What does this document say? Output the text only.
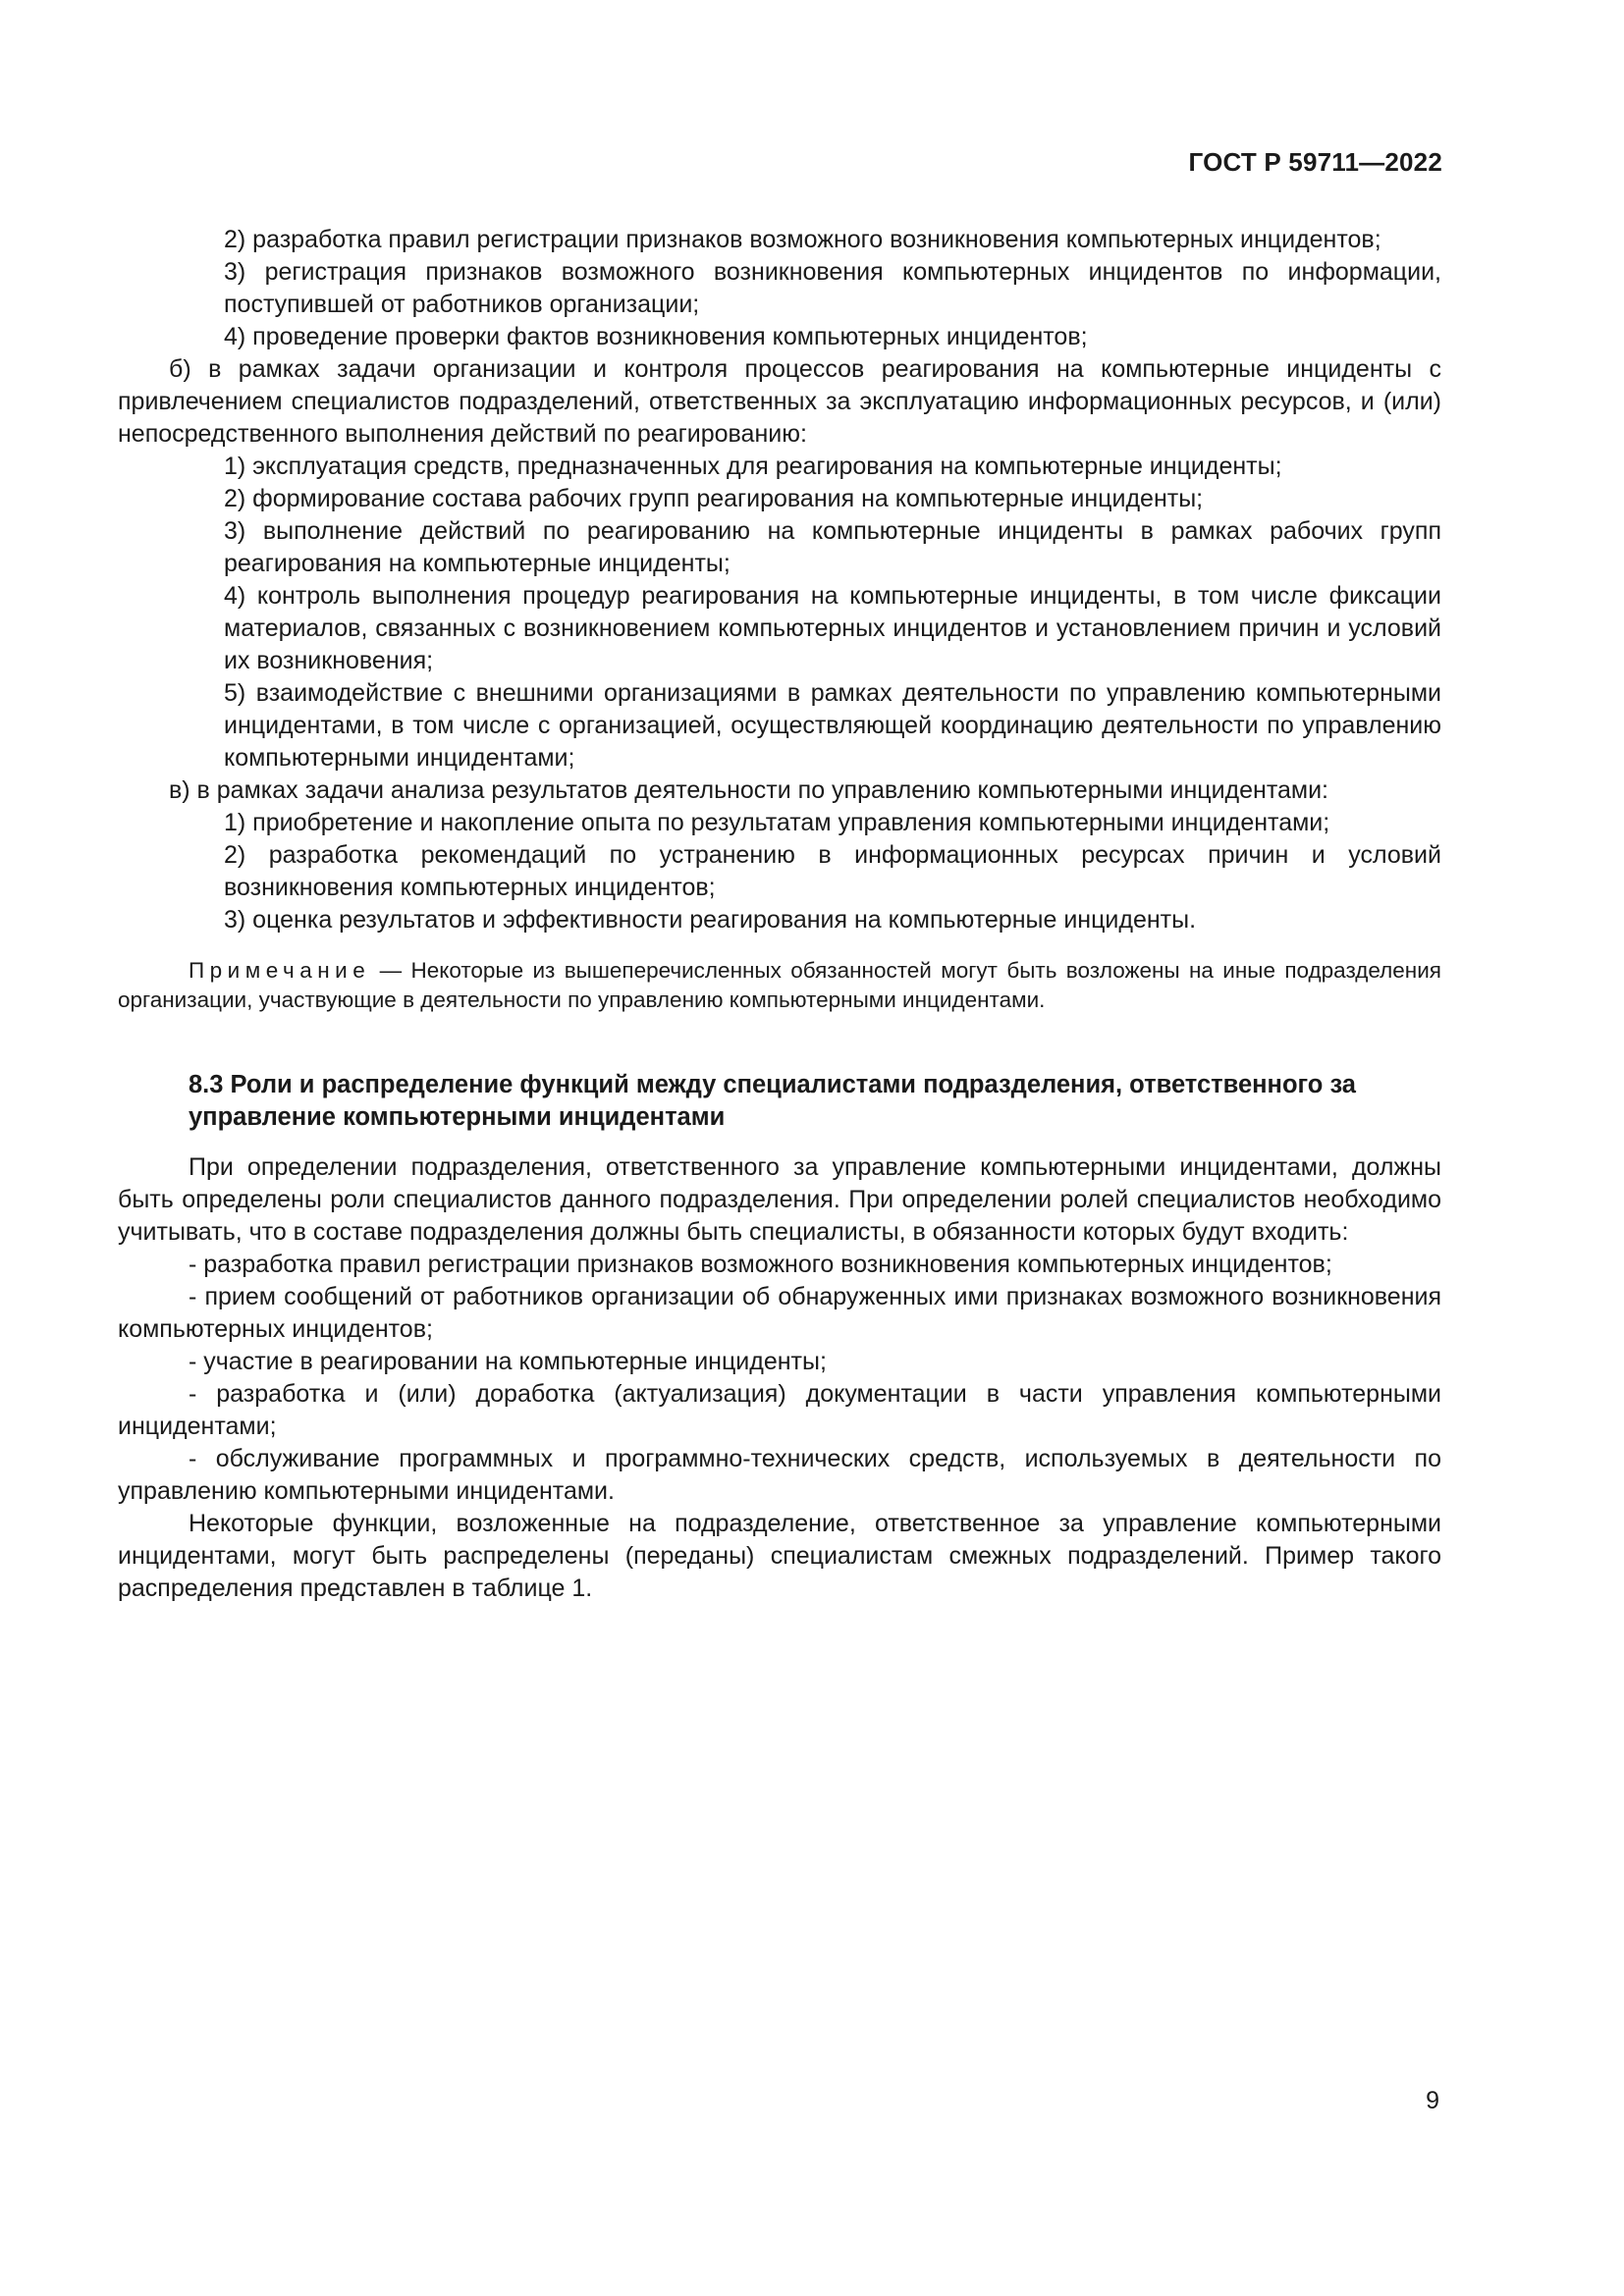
ГОСТ Р 59711—2022

2) разработка правил регистрации признаков возможного возникновения компьютерных инцидентов;

3) регистрация признаков возможного возникновения компьютерных инцидентов по информации, поступившей от работников организации;

4) проведение проверки фактов возникновения компьютерных инцидентов;

б) в рамках задачи организации и контроля процессов реагирования на компьютерные инциденты с привлечением специалистов подразделений, ответственных за эксплуатацию информационных ресурсов, и (или) непосредственного выполнения действий по реагированию:

1) эксплуатация средств, предназначенных для реагирования на компьютерные инциденты;

2) формирование состава рабочих групп реагирования на компьютерные инциденты;

3) выполнение действий по реагированию на компьютерные инциденты в рамках рабочих групп реагирования на компьютерные инциденты;

4) контроль выполнения процедур реагирования на компьютерные инциденты, в том числе фиксации материалов, связанных с возникновением компьютерных инцидентов и установлением причин и условий их возникновения;

5) взаимодействие с внешними организациями в рамках деятельности по управлению компьютерными инцидентами, в том числе с организацией, осуществляющей координацию деятельности по управлению компьютерными инцидентами;

в) в рамках задачи анализа результатов деятельности по управлению компьютерными инцидентами:

1) приобретение и накопление опыта по результатам управления компьютерными инцидентами;

2) разработка рекомендаций по устранению в информационных ресурсах причин и условий возникновения компьютерных инцидентов;

3) оценка результатов и эффективности реагирования на компьютерные инциденты.

Примечание — Некоторые из вышеперечисленных обязанностей могут быть возложены на иные подразделения организации, участвующие в деятельности по управлению компьютерными инцидентами.

8.3 Роли и распределение функций между специалистами подразделения, ответственного за управление компьютерными инцидентами

При определении подразделения, ответственного за управление компьютерными инцидентами, должны быть определены роли специалистов данного подразделения. При определении ролей специалистов необходимо учитывать, что в составе подразделения должны быть специалисты, в обязанности которых будут входить:

- разработка правил регистрации признаков возможного возникновения компьютерных инцидентов;

- прием сообщений от работников организации об обнаруженных ими признаках возможного возникновения компьютерных инцидентов;

- участие в реагировании на компьютерные инциденты;

- разработка и (или) доработка (актуализация) документации в части управления компьютерными инцидентами;

- обслуживание программных и программно-технических средств, используемых в деятельности по управлению компьютерными инцидентами.

Некоторые функции, возложенные на подразделение, ответственное за управление компьютерными инцидентами, могут быть распределены (переданы) специалистам смежных подразделений. Пример такого распределения представлен в таблице 1.

9
